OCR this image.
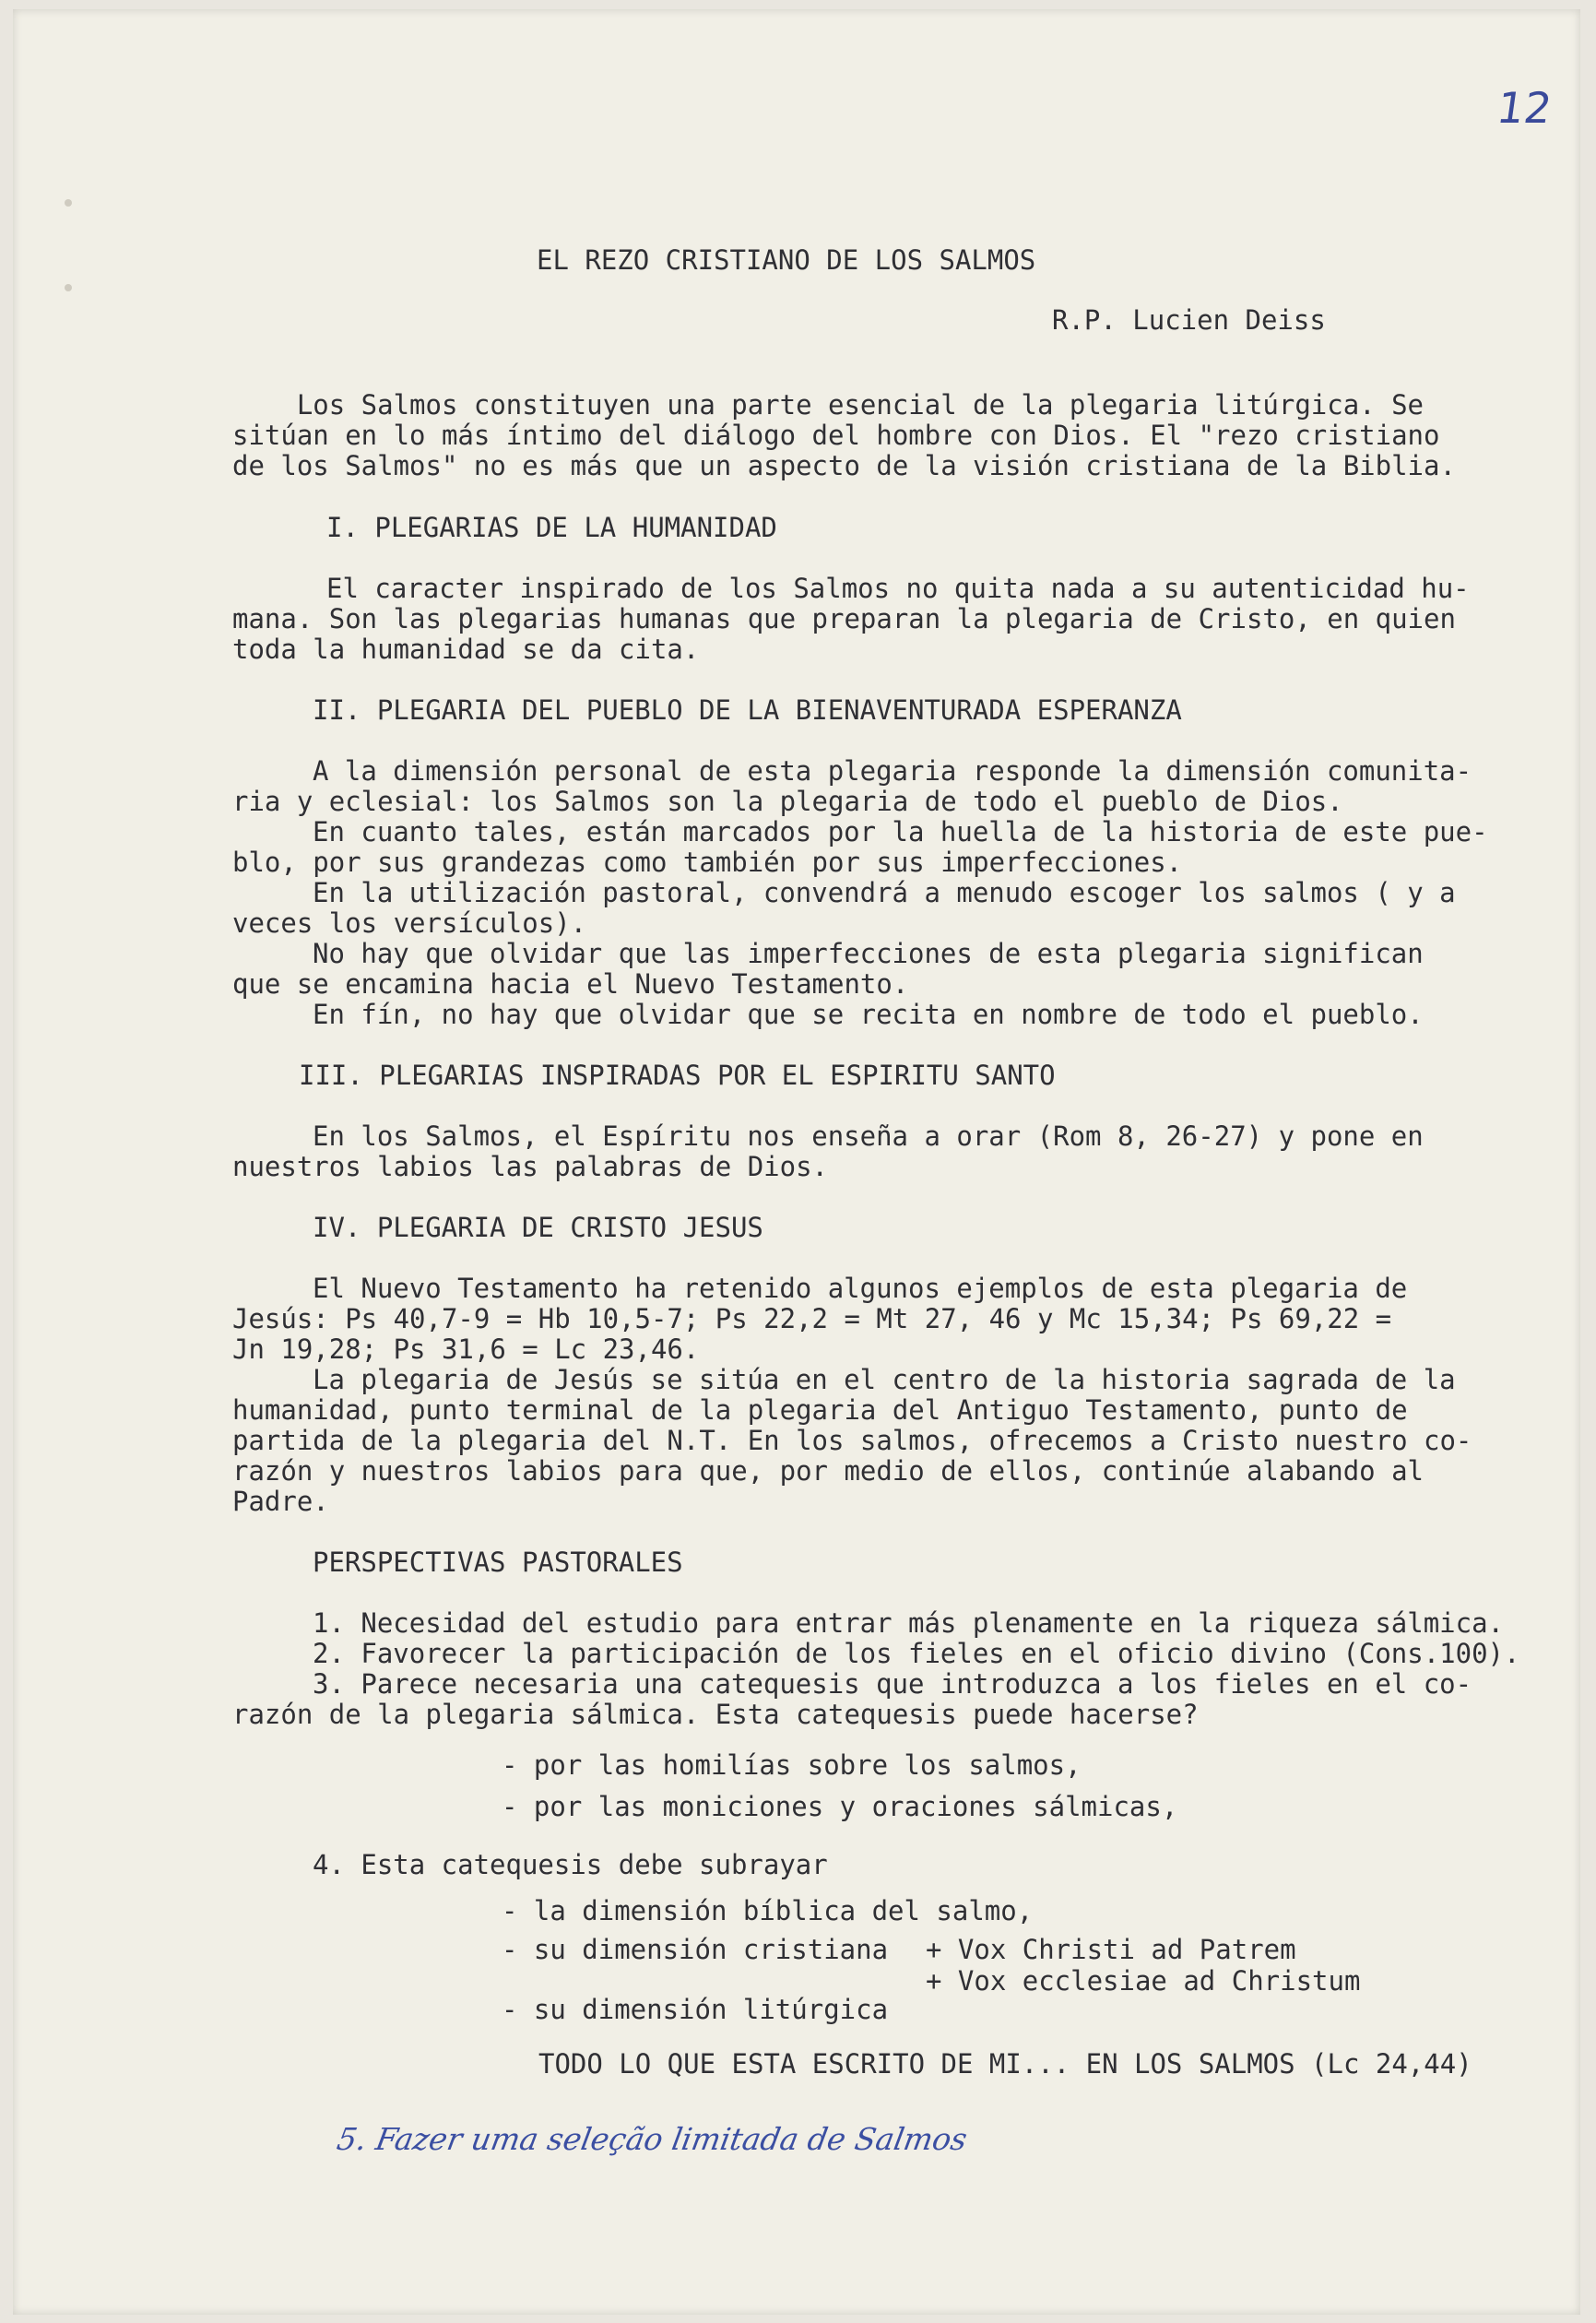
12
EL REZO CRISTIANO DE LOS SALMOS
R.P. Lucien Deiss
Los Salmos constituyen una parte esencial de la plegaria litúrgica. Se
sitúan en lo más íntimo del diálogo del hombre con Dios. El "rezo cristiano
de los Salmos" no es más que un aspecto de la visión cristiana de la Biblia.
I. PLEGARIAS DE LA HUMANIDAD
El caracter inspirado de los Salmos no quita nada a su autenticidad hu-
mana. Son las plegarias humanas que preparan la plegaria de Cristo, en quien
toda la humanidad se da cita.
II. PLEGARIA DEL PUEBLO DE LA BIENAVENTURADA ESPERANZA
A la dimensión personal de esta plegaria responde la dimensión comunita-
ria y eclesial: los Salmos son la plegaria de todo el pueblo de Dios.
En cuanto tales, están marcados por la huella de la historia de este pue-
blo, por sus grandezas como también por sus imperfecciones.
En la utilización pastoral, convendrá a menudo escoger los salmos ( y a
veces los versículos).
No hay que olvidar que las imperfecciones de esta plegaria significan
que se encamina hacia el Nuevo Testamento.
En fín, no hay que olvidar que se recita en nombre de todo el pueblo.
III. PLEGARIAS INSPIRADAS POR EL ESPIRITU SANTO
En los Salmos, el Espíritu nos enseña a orar (Rom 8, 26-27) y pone en
nuestros labios las palabras de Dios.
IV. PLEGARIA DE CRISTO JESUS
El Nuevo Testamento ha retenido algunos ejemplos de esta plegaria de
Jesús: Ps 40,7-9 = Hb 10,5-7; Ps 22,2 = Mt 27, 46 y Mc 15,34; Ps 69,22 =
Jn 19,28; Ps 31,6 = Lc 23,46.
La plegaria de Jesús se sitúa en el centro de la historia sagrada de la
humanidad, punto terminal de la plegaria del Antiguo Testamento, punto de
partida de la plegaria del N.T. En los salmos, ofrecemos a Cristo nuestro co-
razón y nuestros labios para que, por medio de ellos, continúe alabando al
Padre.
PERSPECTIVAS PASTORALES
1. Necesidad del estudio para entrar más plenamente en la riqueza sálmica.
2. Favorecer la participación de los fieles en el oficio divino (Cons.100).
3. Parece necesaria una catequesis que introduzca a los fieles en el co-
razón de la plegaria sálmica. Esta catequesis puede hacerse?
- por las homilías sobre los salmos,
- por las moniciones y oraciones sálmicas,
4. Esta catequesis debe subrayar
- la dimensión bíblica del salmo,
- su dimensión cristiana + Vox Christi ad Patrem
+ Vox ecclesiae ad Christum
- su dimensión litúrgica
TODO LO QUE ESTA ESCRITO DE MI... EN LOS SALMOS (Lc 24,44)
5. Fazer uma seleção limitada de Salmos
